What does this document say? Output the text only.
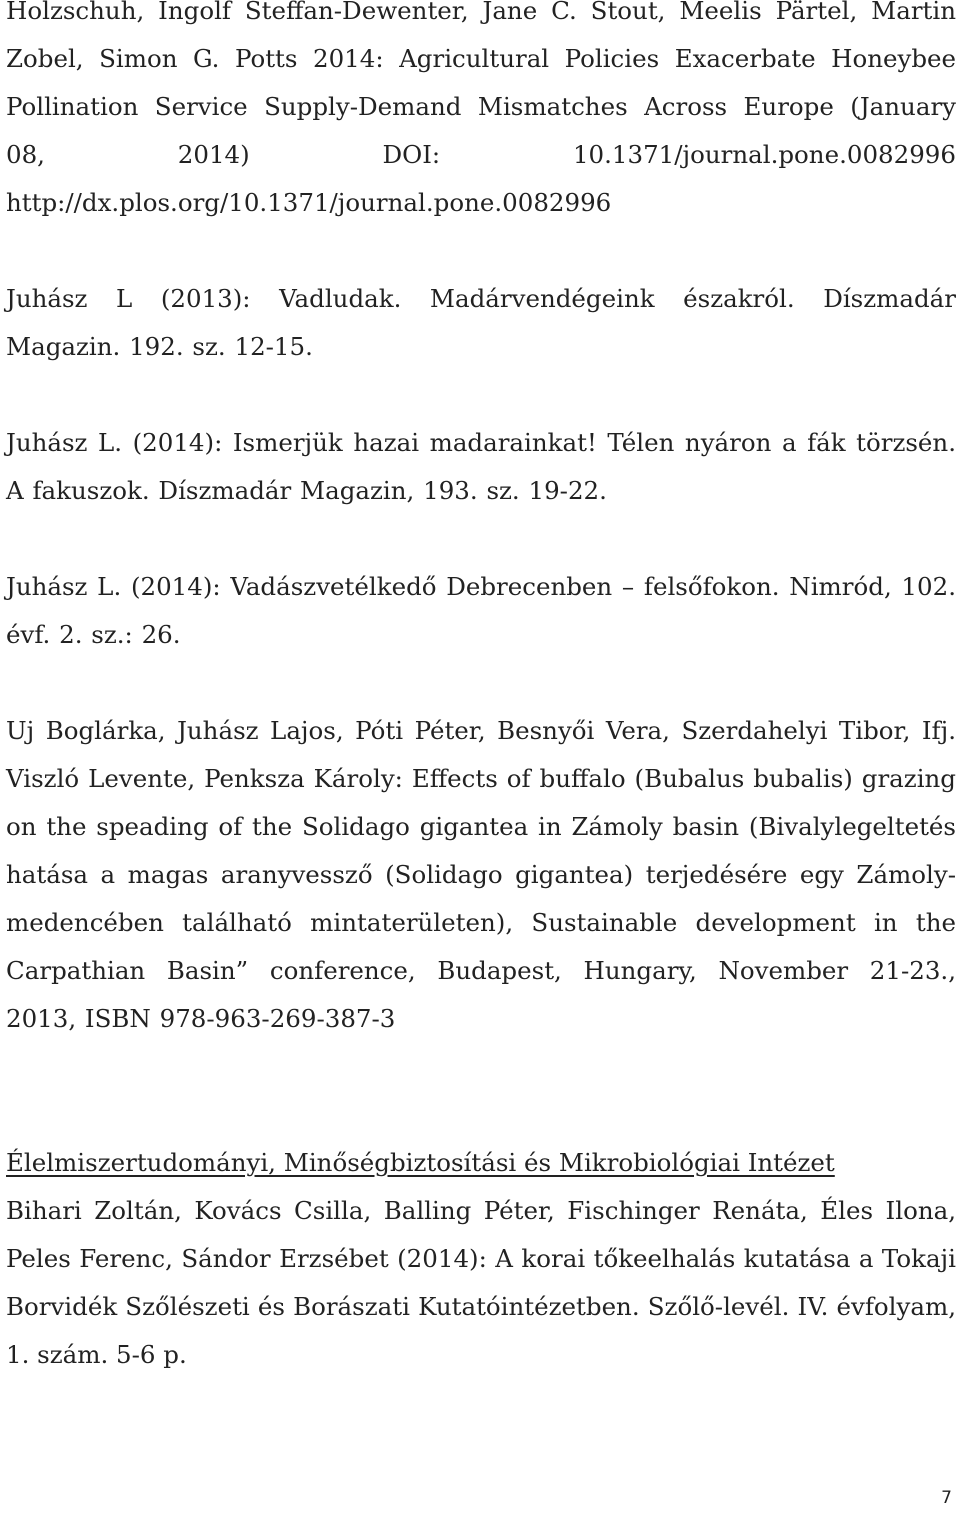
Holzschuh, Ingolf Steffan-Dewenter, Jane C. Stout, Meelis Pärtel, Martin Zobel, Simon G. Potts 2014: Agricultural Policies Exacerbate Honeybee Pollination Service Supply-Demand Mismatches Across Europe (January 08, 2014) DOI: 10.1371/journal.pone.0082996 http://dx.plos.org/10.1371/journal.pone.0082996

Juhász L (2013): Vadludak. Madárvendégeink északról. Díszmadár Magazin. 192. sz. 12-15.

Juhász L. (2014): Ismerjük hazai madarainkat! Télen nyáron a fák törzsén. A fakuszok. Díszmadár Magazin, 193. sz. 19-22.

Juhász L. (2014): Vadászvetélkedő Debrecenben – felsőfokon. Nimród, 102. évf. 2. sz.: 26.

Uj Boglárka, Juhász Lajos, Póti Péter, Besnyői Vera, Szerdahelyi Tibor, Ifj. Viszló Levente, Penksza Károly: Effects of buffalo (Bubalus bubalis) grazing on the speading of the Solidago gigantea in Zámoly basin (Bivalylegeltetés hatása a magas aranyvessző (Solidago gigantea) terjedésére egy Zámoly-medencében található mintaterületen), Sustainable development in the Carpathian Basin” conference, Budapest, Hungary, November 21-23., 2013, ISBN 978-963-269-387-3

Élelmiszertudományi, Minőségbiztosítási és Mikrobiológiai Intézet

Bihari Zoltán, Kovács Csilla, Balling Péter, Fischinger Renáta, Éles Ilona, Peles Ferenc, Sándor Erzsébet (2014): A korai tőkeelhalás kutatása a Tokaji Borvidék Szőlészeti és Borászati Kutatóintézetben. Szőlő-levél. IV. évfolyam, 1. szám. 5-6 p.

7
